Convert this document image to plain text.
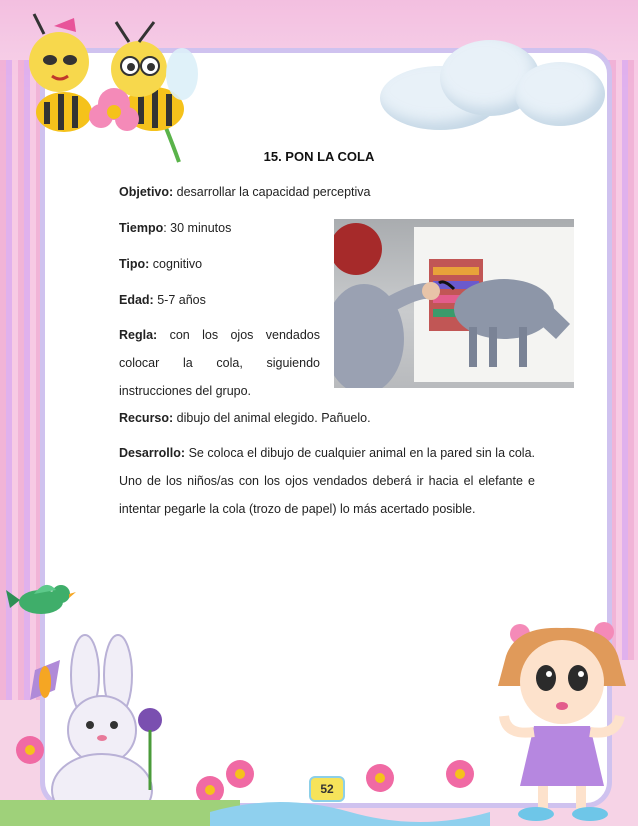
15. PON LA COLA
Objetivo: desarrollar la capacidad perceptiva
Tiempo: 30 minutos
Tipo: cognitivo
Edad: 5-7 años
Regla: con los ojos vendados
colocar la cola, siguiendo
instrucciones del grupo.
Recurso: dibujo del animal elegido. Pañuelo.
Desarrollo: Se coloca el dibujo de cualquier animal en la pared sin la cola.
Uno de los niños/as con los ojos vendados deberá ir hacia el elefante e
intentar pegarle la cola (trozo de papel) lo más acertado posible.
52
